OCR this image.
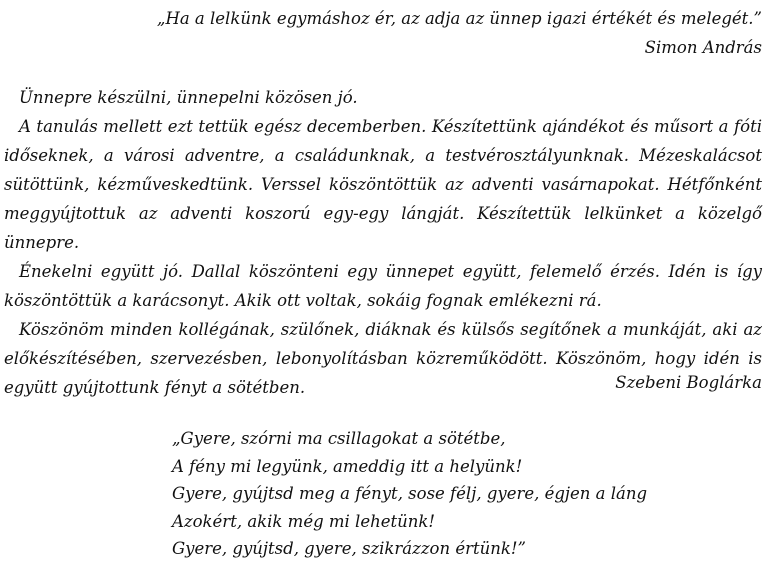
„Ha a lelkünk egymáshoz ér, az adja az ünnep igazi értékét és melegét.”
Simon András

Ünnepre készülni, ünnepelni közösen jó.

A tanulás mellett ezt tettük egész decemberben. Készítettünk ajándékot és műsort a fóti időseknek, a városi adventre, a családunknak, a testvérosztályunknak. Mézeskalácsot sütöttünk, kézműveskedtünk. Verssel köszöntöttük az adventi vasárnapokat. Hétfőnként meggyújtottuk az adventi koszorú egy-egy lángját. Készítettük lelkünket a közelgő ünnepre.

Énekelni együtt jó. Dallal köszönteni egy ünnepet együtt, felemelő érzés. Idén is így köszöntöttük a karácsonyt. Akik ott voltak, sokáig fognak emlékezni rá.

Köszönöm minden kollégának, szülőnek, diáknak és külsős segítőnek a munkáját, aki az előkészítésében, szervezésben, lebonyolításban közreműködött. Köszönöm, hogy idén is együtt gyújtottunk fényt a sötétben.	Szebeni Boglárka
„Gyere, szórni ma csillagokat a sötétbe,
A fény mi legyünk, ameddig itt a helyünk!
Gyere, gyújtsd meg a fényt, sose félj, gyere, égjen a láng
Azokért, akik még mi lehetünk!
Gyere, gyújtsd, gyere, szikrázzon értünk!”
